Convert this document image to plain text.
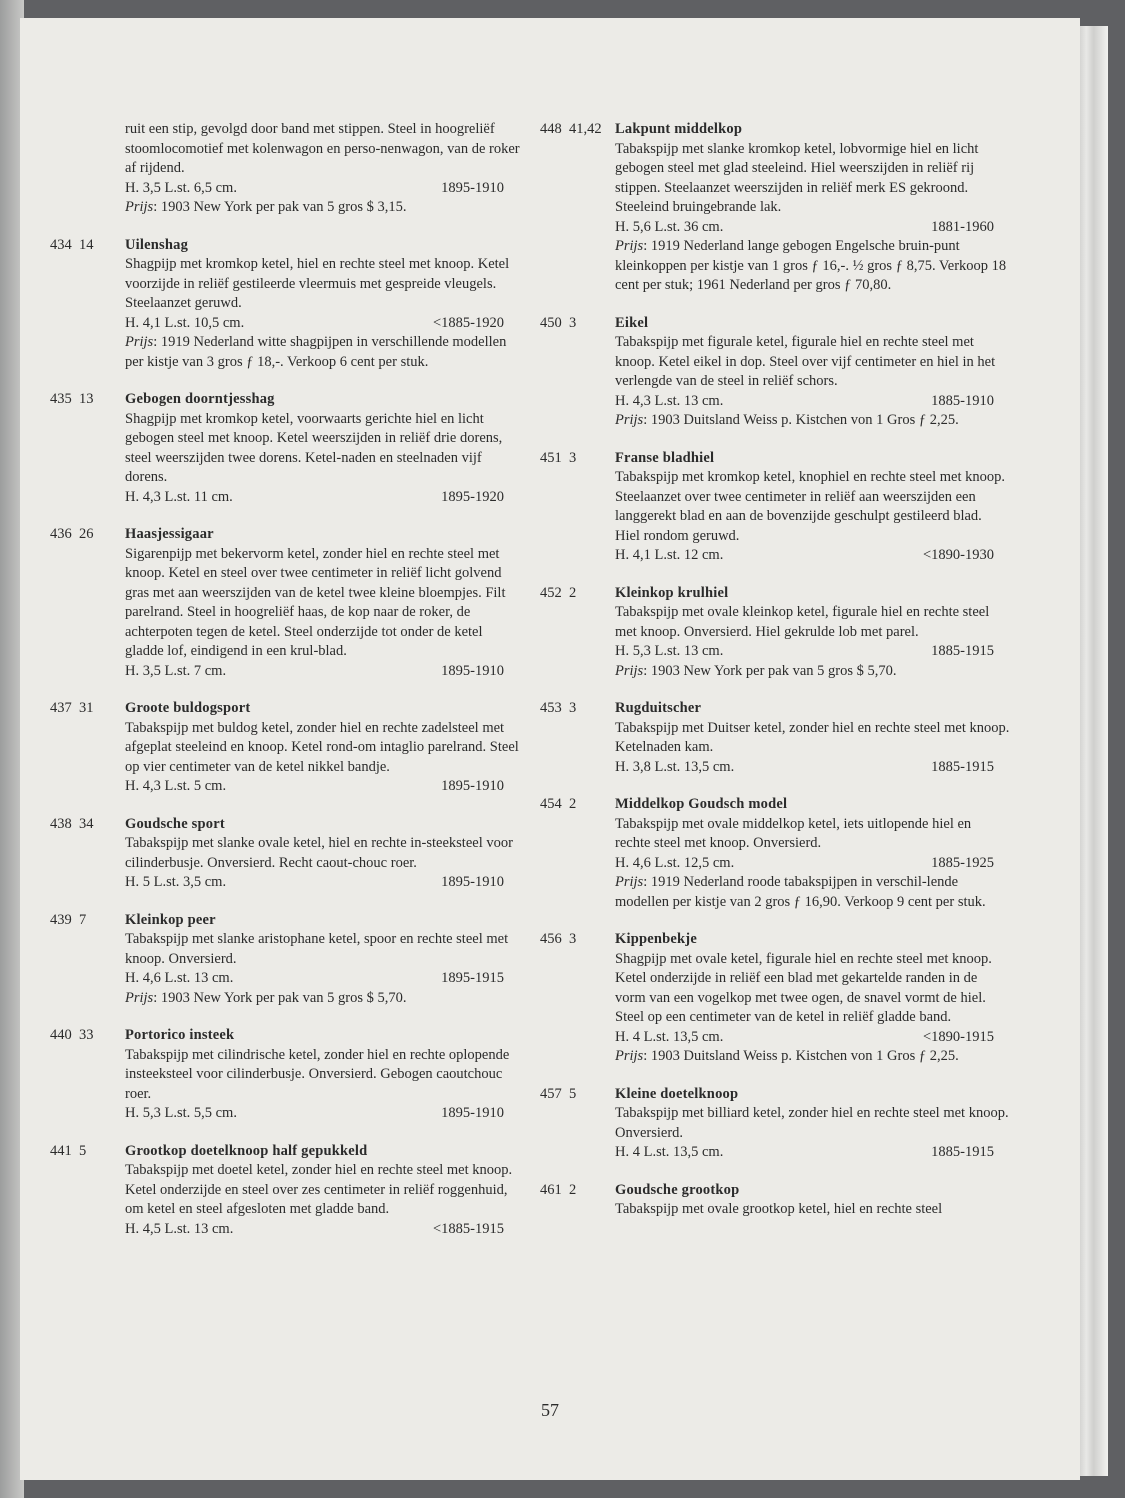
ruit een stip, gevolgd door band met stippen. Steel in hoogreliëf stoomlocomotief met kolenwagon en perso-nenwagon, van de roker af rijdend.

H. 3,5 L.st. 6,5 cm.	1895-1910
Prijs: 1903 New York per pak van 5 gros $ 3,15.
434 14 Uilenshag

Shagpijp met kromkop ketel, hiel en rechte steel met knoop. Ketel voorzijde in reliëf gestileerde vleermuis met gespreide vleugels. Steelaanzet geruwd.

H. 4,1 L.st. 10,5 cm.	<1885-1920
Prijs: 1919 Nederland witte shagpijpen in verschillende modellen per kistje van 3 gros ƒ 18,-. Verkoop 6 cent per stuk.
435 13 Gebogen doorntjesshag

Shagpijp met kromkop ketel, voorwaarts gerichte hiel en licht gebogen steel met knoop. Ketel weerszijden in reliëf drie dorens, steel weerszijden twee dorens. Ketel-naden en steelnaden vijf dorens.

H. 4,3 L.st. 11 cm.	1895-1920
436 26 Haasjessigaar

Sigarenpijp met bekervorm ketel, zonder hiel en rechte steel met knoop. Ketel en steel over twee centimeter in reliëf licht golvend gras met aan weerszijden van de ketel twee kleine bloempjes. Filt parelrand. Steel in hoogreliëf haas, de kop naar de roker, de achterpoten tegen de ketel. Steel onderzijde tot onder de ketel gladde lof, eindigend in een krul-blad.

H. 3,5 L.st. 7 cm.	1895-1910
437 31 Groote buldogsport

Tabakspijp met buldog ketel, zonder hiel en rechte zadelsteel met afgeplat steeleind en knoop. Ketel rond-om intaglio parelrand. Steel op vier centimeter van de ketel nikkel bandje.

H. 4,3 L.st. 5 cm.	1895-1910
438 34 Goudsche sport

Tabakspijp met slanke ovale ketel, hiel en rechte in-steeksteel voor cilinderbusje. Onversierd. Recht caout-chouc roer.

H. 5 L.st. 3,5 cm.	1895-1910
439 7	Kleinkop peer

Tabakspijp met slanke aristophane ketel, spoor en rechte steel met knoop. Onversierd.

H. 4,6 L.st. 13 cm.	1895-1915
Prijs: 1903 New York per pak van 5 gros $ 5,70.
440 33 Portorico insteek

Tabakspijp met cilindrische ketel, zonder hiel en rechte oplopende insteeksteel voor cilinderbusje. Onversierd. Gebogen caoutchouc roer.

H. 5,3 L.st. 5,5 cm.	1895-1910
441 5	Grootkop doetelknoop half gepukkeld

Tabakspijp met doetel ketel, zonder hiel en rechte steel met knoop. Ketel onderzijde en steel over zes centimeter in reliëf roggenhuid, om ketel en steel afgesloten met gladde band.

H. 4,5 L.st. 13 cm.	<1885-1915
448 41,42 Lakpunt middelkop

Tabakspijp met slanke kromkop ketel, lobvormige hiel en licht gebogen steel met glad steeleind. Hiel weerszijden in reliëf rij stippen. Steelaanzet weerszijden in reliëf merk ES gekroond. Steeleind bruingebrande lak.

H. 5,6 L.st. 36 cm.	1881-1960
Prijs: 1919 Nederland lange gebogen Engelsche bruin-punt kleinkoppen per kistje van 1 gros ƒ 16,-. ½ gros ƒ 8,75. Verkoop 18 cent per stuk; 1961 Nederland per gros ƒ 70,80.
450 3	Eikel

Tabakspijp met figurale ketel, figurale hiel en rechte steel met knoop. Ketel eikel in dop. Steel over vijf centimeter en hiel in het verlengde van de steel in reliëf schors.

H. 4,3 L.st. 13 cm.	1885-1910
Prijs: 1903 Duitsland Weiss p. Kistchen von 1 Gros ƒ 2,25.
451 3	Franse bladhiel

Tabakspijp met kromkop ketel, knophiel en rechte steel met knoop. Steelaanzet over twee centimeter in reliëf aan weerszijden een langgerekt blad en aan de bovenzijde geschulpt gestileerd blad. Hiel rondom geruwd.

H. 4,1 L.st. 12 cm.	<1890-1930
452 2	Kleinkop krulhiel

Tabakspijp met ovale kleinkop ketel, figurale hiel en rechte steel met knoop. Onversierd. Hiel gekrulde lob met parel.

H. 5,3 L.st. 13 cm.	1885-1915
Prijs: 1903 New York per pak van 5 gros $ 5,70.
453 3	Rugduitscher

Tabakspijp met Duitser ketel, zonder hiel en rechte steel met knoop. Ketelnaden kam.

H. 3,8 L.st. 13,5 cm.	1885-1915
454 2	Middelkop Goudsch model

Tabakspijp met ovale middelkop ketel, iets uitlopende hiel en rechte steel met knoop. Onversierd.

H. 4,6 L.st. 12,5 cm.	1885-1925
Prijs: 1919 Nederland roode tabakspijpen in verschil-lende modellen per kistje van 2 gros ƒ 16,90. Verkoop 9 cent per stuk.
456 3	Kippenbekje

Shagpijp met ovale ketel, figurale hiel en rechte steel met knoop. Ketel onderzijde in reliëf een blad met gekartelde randen in de vorm van een vogelkop met twee ogen, de snavel vormt de hiel. Steel op een centimeter van de ketel in reliëf gladde band.

H. 4 L.st. 13,5 cm.	<1890-1915
Prijs: 1903 Duitsland Weiss p. Kistchen von 1 Gros ƒ 2,25.
457 5	Kleine doetelknoop

Tabakspijp met billiard ketel, zonder hiel en rechte steel met knoop. Onversierd.

H. 4 L.st. 13,5 cm.	1885-1915
461 2	Goudsche grootkop

Tabakspijp met ovale grootkop ketel, hiel en rechte steel

57
